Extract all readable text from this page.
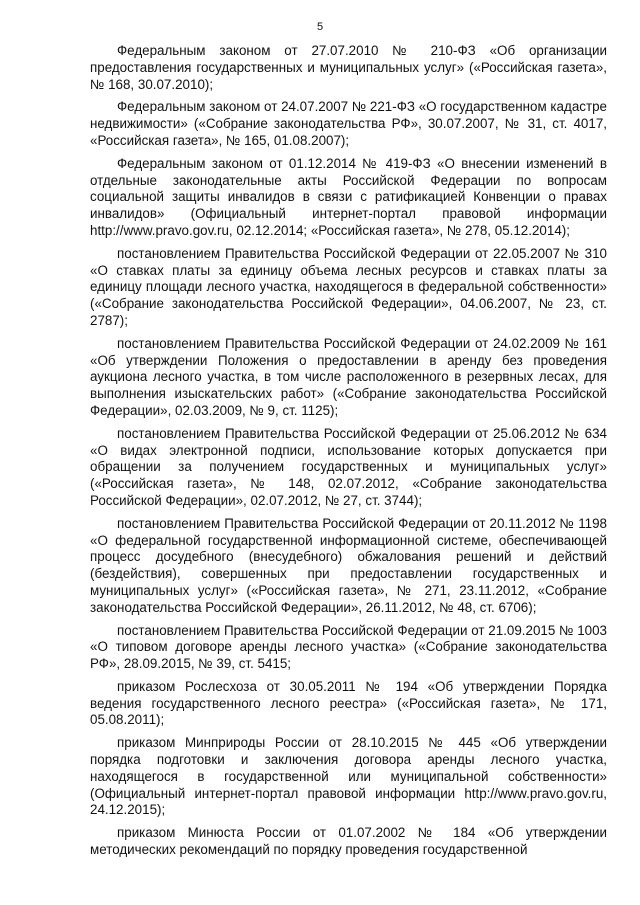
5

Федеральным законом от 27.07.2010 № 210-ФЗ «Об организации предоставления государственных и муниципальных услуг» («Российская газета», № 168, 30.07.2010);

Федеральным законом от 24.07.2007 № 221-ФЗ «О государственном кадастре недвижимости» («Собрание законодательства РФ», 30.07.2007, № 31, ст. 4017, «Российская газета», № 165, 01.08.2007);

Федеральным законом от 01.12.2014 № 419-ФЗ «О внесении изменений в отдельные законодательные акты Российской Федерации по вопросам социальной защиты инвалидов в связи с ратификацией Конвенции о правах инвалидов» (Официальный интернет-портал правовой информации http://www.pravo.gov.ru, 02.12.2014; «Российская газета», № 278, 05.12.2014);

постановлением Правительства Российской Федерации от 22.05.2007 № 310 «О ставках платы за единицу объема лесных ресурсов и ставках платы за единицу площади лесного участка, находящегося в федеральной собственности» («Собрание законодательства Российской Федерации», 04.06.2007, № 23, ст. 2787);

постановлением Правительства Российской Федерации от 24.02.2009 № 161 «Об утверждении Положения о предоставлении в аренду без проведения аукциона лесного участка, в том числе расположенного в резервных лесах, для выполнения изыскательских работ» («Собрание законодательства Российской Федерации», 02.03.2009, № 9, ст. 1125);

постановлением Правительства Российской Федерации от 25.06.2012 № 634 «О видах электронной подписи, использование которых допускается при обращении за получением государственных и муниципальных услуг» («Российская газета», № 148, 02.07.2012, «Собрание законодательства Российской Федерации», 02.07.2012, № 27, ст. 3744);

постановлением Правительства Российской Федерации от 20.11.2012 № 1198 «О федеральной государственной информационной системе, обеспечивающей процесс досудебного (внесудебного) обжалования решений и действий (бездействия), совершенных при предоставлении государственных и муниципальных услуг» («Российская газета», № 271, 23.11.2012, «Собрание законодательства Российской Федерации», 26.11.2012, № 48, ст. 6706);

постановлением Правительства Российской Федерации от 21.09.2015 № 1003 «О типовом договоре аренды лесного участка» («Собрание законодательства РФ», 28.09.2015, № 39, ст. 5415;

приказом Рослесхоза от 30.05.2011 № 194 «Об утверждении Порядка ведения государственного лесного реестра» («Российская газета», № 171, 05.08.2011);

приказом Минприроды России от 28.10.2015 № 445 «Об утверждении порядка подготовки и заключения договора аренды лесного участка, находящегося в государственной или муниципальной собственности» (Официальный интернет-портал правовой информации http://www.pravo.gov.ru, 24.12.2015);

приказом Минюста России от 01.07.2002 № 184 «Об утверждении методических рекомендаций по порядку проведения государственной
